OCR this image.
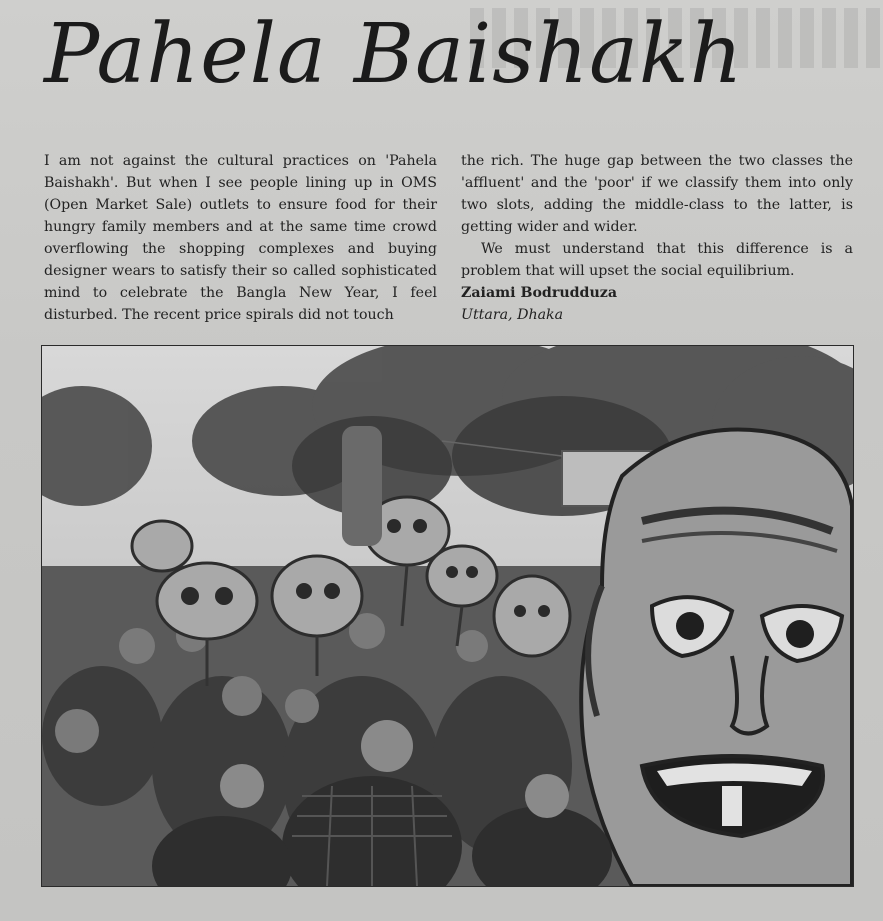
Pahela Baishakh

I am not against the cultural practices on 'Pahela Baishakh'. But when I see people lining up in OMS (Open Market Sale) outlets to ensure food for their hungry family members and at the same time crowd overflowing the shopping complexes and buying designer wears to satisfy their so called sophisticated mind to celebrate the Bangla New Year, I feel disturbed. The recent price spirals did not touch

the rich. The huge gap between the two classes the 'affluent' and the 'poor' if we classify them into only two slots, adding the middle-class to the latter, is getting wider and wider.

We must understand that this difference is a problem that will upset the social equilibrium.

Zaiami Bodrudduza

Uttara, Dhaka
